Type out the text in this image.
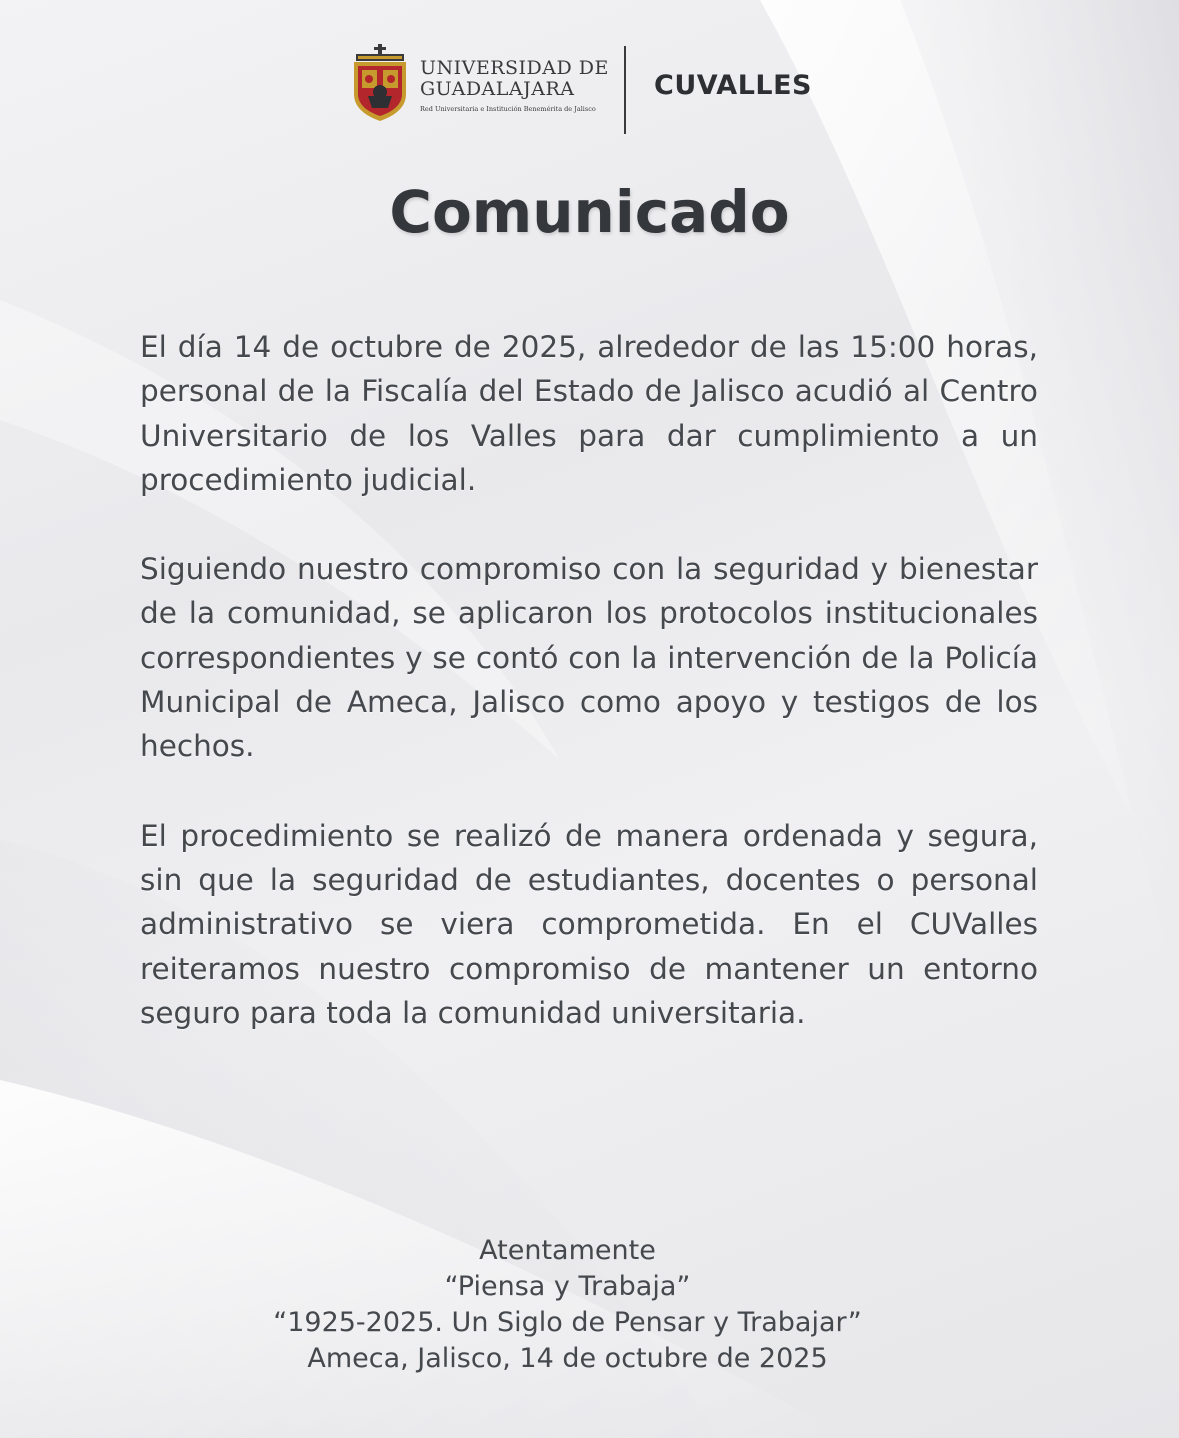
UNIVERSIDAD DE

GUADALAJARA

Red Universitaria e Institución Benemérita de Jalisco

CUVALLES
Comunicado

El día 14 de octubre de 2025, alrededor de las 15:00 horas, personal de la Fiscalía del Estado de Jalisco acudió al Centro Universitario de los Valles para dar cumplimiento a un procedimiento judicial.

Siguiendo nuestro compromiso con la seguridad y bienestar de la comunidad, se aplicaron los protocolos institucionales correspondientes y se contó con la intervención de la Policía Municipal de Ameca, Jalisco como apoyo y testigos de los hechos.

El procedimiento se realizó de manera ordenada y segura, sin que la seguridad de estudiantes, docentes o personal administrativo se viera comprometida. En el CUValles reiteramos nuestro compromiso de mantener un entorno seguro para toda la comunidad universitaria.

Atentamente

“Piensa y Trabaja”

“1925-2025. Un Siglo de Pensar y Trabajar”

Ameca, Jalisco, 14 de octubre de 2025
